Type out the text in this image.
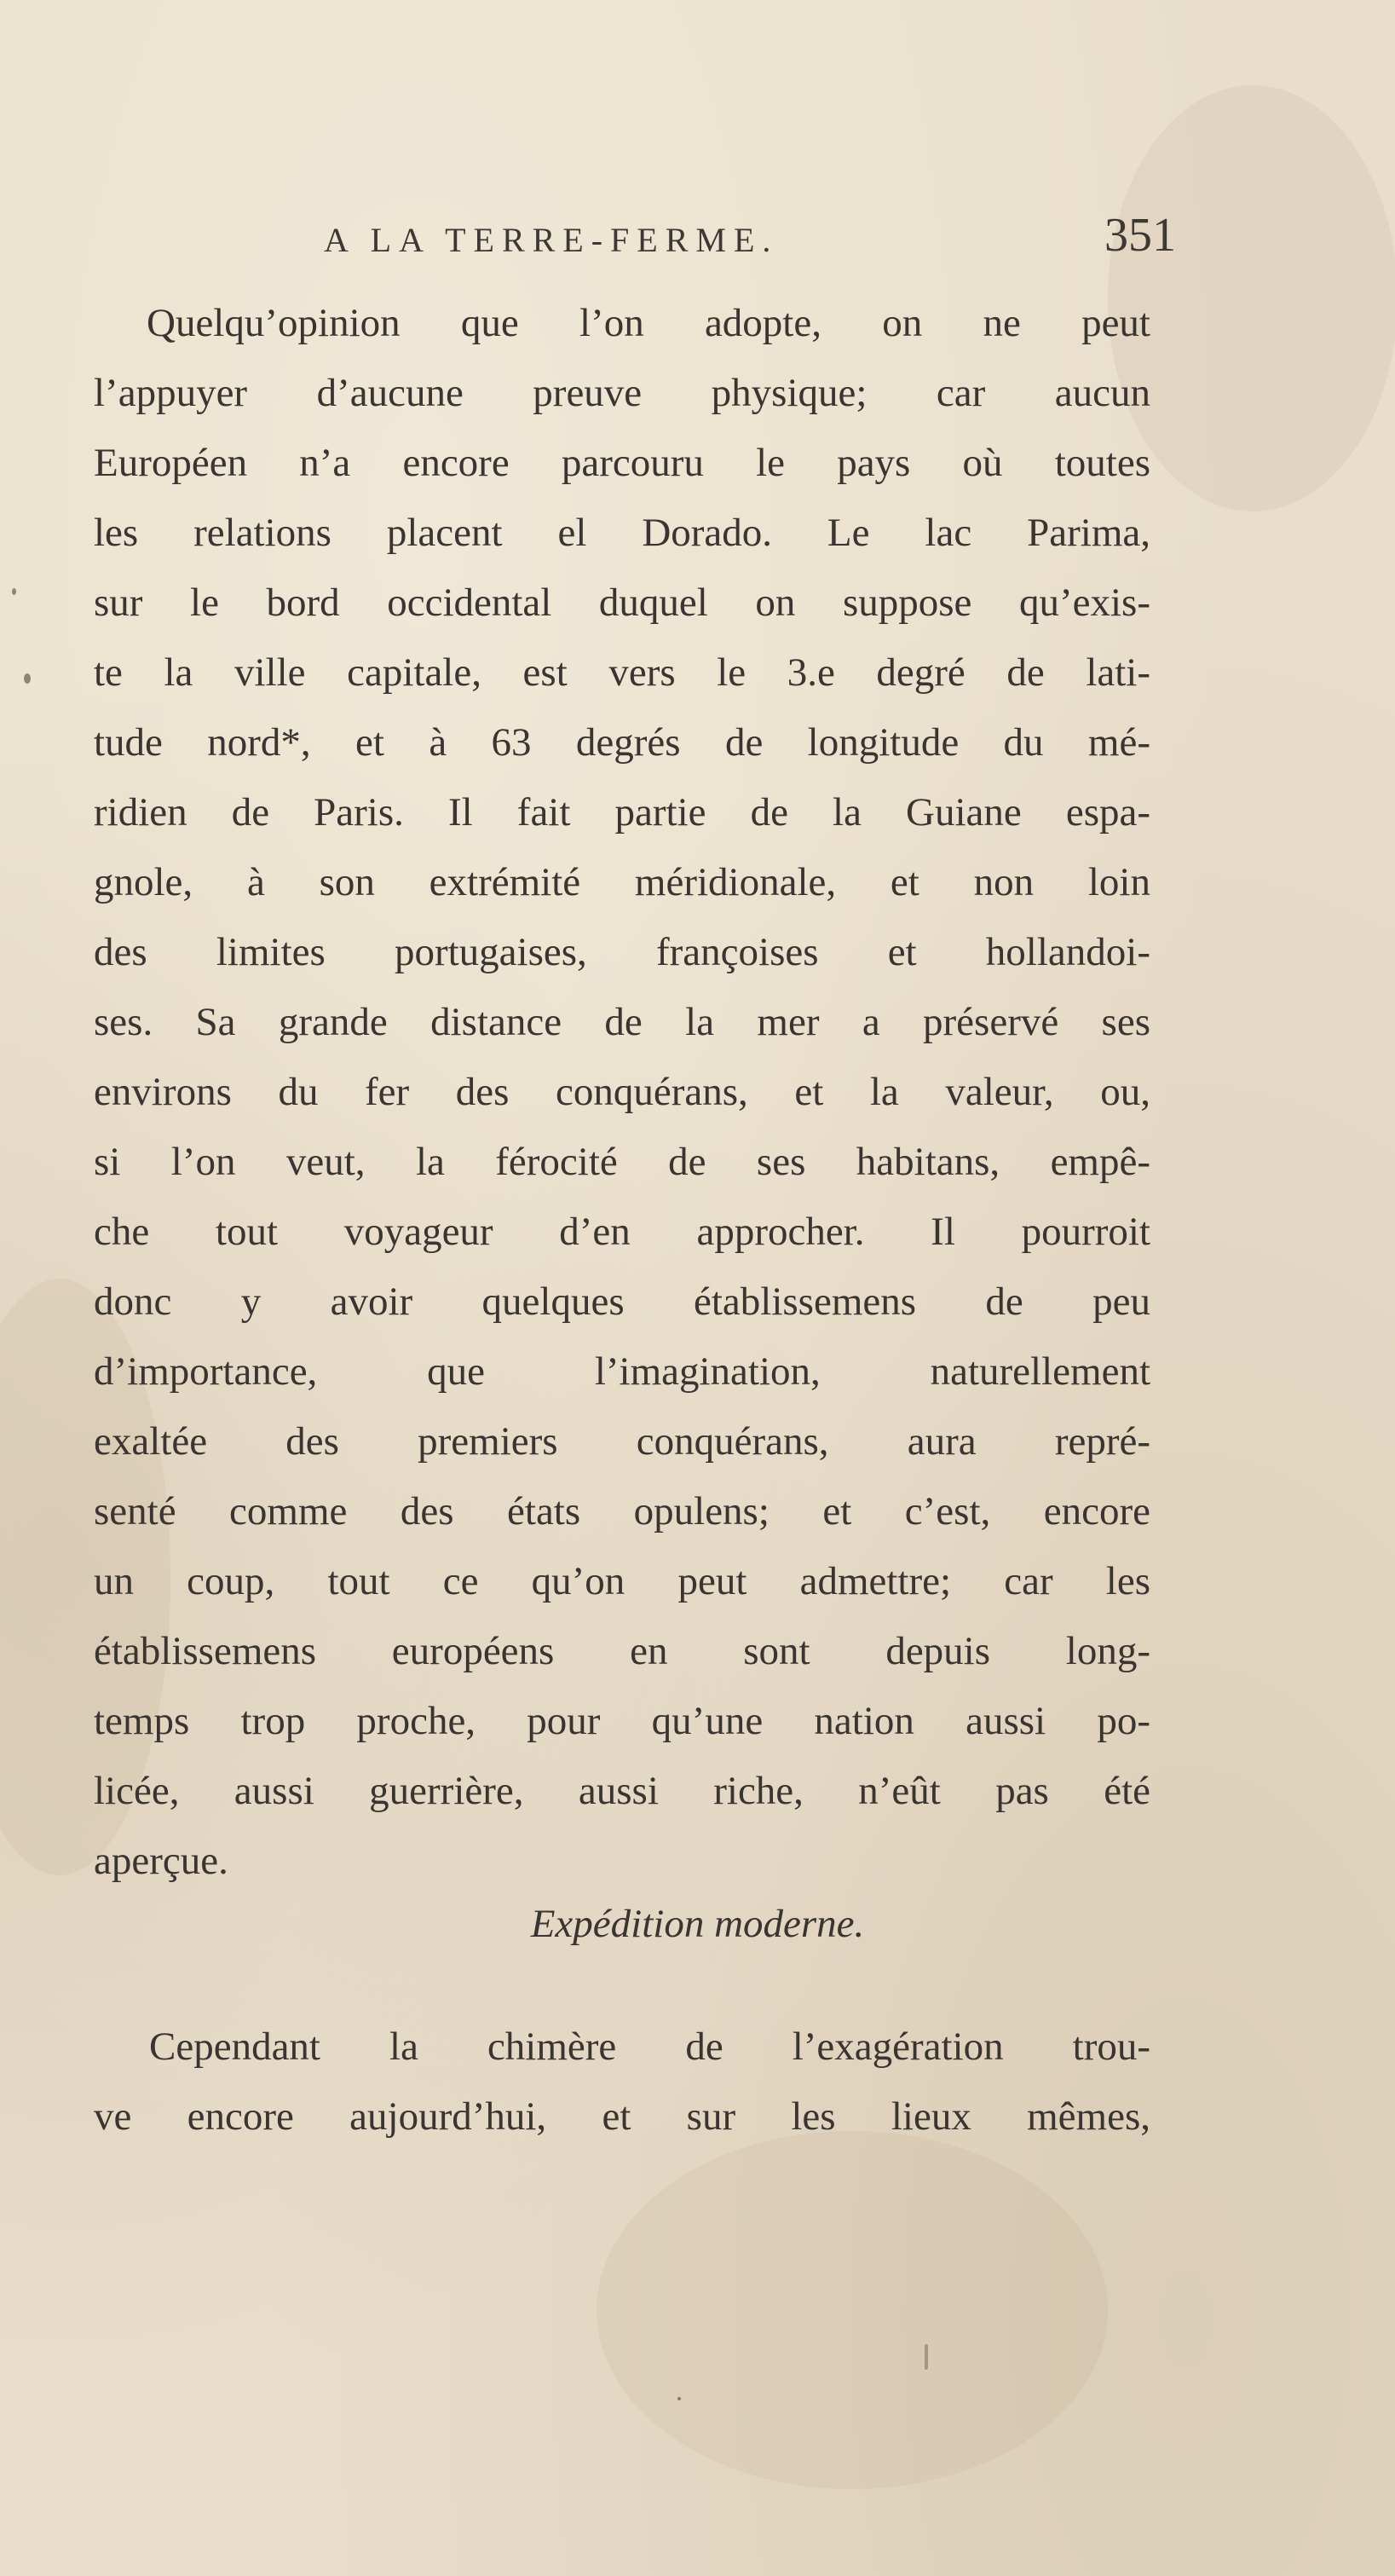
A LA TERRE-FERME.	351
Quelqu’opinion que l’on adopte, on ne peut
l’appuyer d’aucune preuve physique; car aucun
Européen n’a encore parcouru le pays où toutes
les relations placent el Dorado. Le lac Parima,
sur le bord occidental duquel on suppose qu’exis-
te la ville capitale, est vers le 3.e degré de lati-
tude nord*, et à 63 degrés de longitude du mé-
ridien de Paris. Il fait partie de la Guiane espa-
gnole, à son extrémité méridionale, et non loin
des limites portugaises, françoises et hollandoi-
ses. Sa grande distance de la mer a préservé ses
environs du fer des conquérans, et la valeur, ou,
si l’on veut, la férocité de ses habitans, empê-
che tout voyageur d’en approcher. Il pourroit
donc y avoir quelques établissemens de peu
d’importance, que l’imagination, naturellement
exaltée des premiers conquérans, aura repré-
senté comme des états opulens; et c’est, encore
un coup, tout ce qu’on peut admettre; car les
établissemens européens en sont depuis long-
temps trop proche, pour qu’une nation aussi po-
licée, aussi guerrière, aussi riche, n’eût pas été
aperçue.
Expédition moderne.
Cependant la chimère de l’exagération trou-
ve encore aujourd’hui, et sur les lieux mêmes,
